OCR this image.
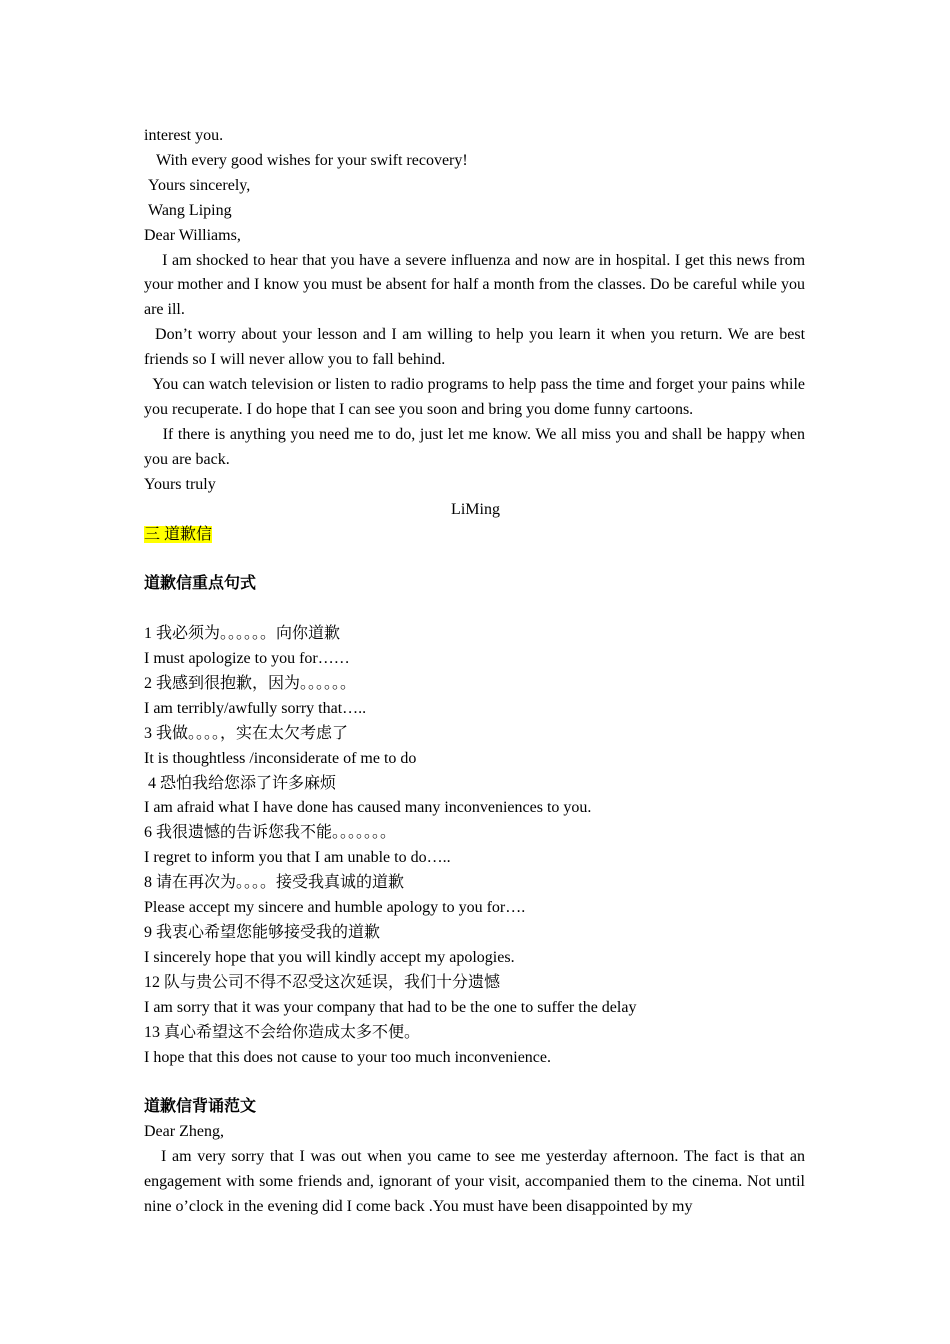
interest you.
With every good wishes for your swift recovery!
Yours sincerely,
Wang Liping
Dear Williams,
I am shocked to hear that you have a severe influenza and now are in hospital. I get this news from your mother and I know you must be absent for half a month from the classes. Do be careful while you are ill.
Don’t worry about your lesson and I am willing to help you learn it when you return. We are best friends so I will never allow you to fall behind.
You can watch television or listen to radio programs to help pass the time and forget your pains while you recuperate. I do hope that I can see you soon and bring you dome funny cartoons.
If there is anything you need me to do, just let me know. We all miss you and shall be happy when you are back.
Yours truly
LiMing
三 道歉信
道歉信重点句式
1 我必须为。。。。。。向你道歉
I must apologize to you for……
2 我感到很抱歉，因为。。。。。。
I am terribly/awfully sorry that…..
3 我做。。。。，实在太欠考虑了
It is thoughtless /inconsiderate of me to do
4 恐怕我给您添了许多麻烦
I am afraid what I have done has caused many inconveniences to you.
6 我很遗憾的告诉您我不能。。。。。。。
I regret to inform you that I am unable to do…..
8 请在再次为。。。。接受我真诚的道歉
Please accept my sincere and humble apology to you for….
9 我衷心希望您能够接受我的道歉
I sincerely hope that you will kindly accept my apologies.
12 队与贵公司不得不忍受这次延误，我们十分遗憾
I am sorry that it was your company that had to be the one to suffer the delay
13 真心希望这不会给你造成太多不便。
I hope that this does not cause to your too much inconvenience.
道歉信背诵范文
Dear Zheng,
I am very sorry that I was out when you came to see me yesterday afternoon. The fact is that an engagement with some friends and, ignorant of your visit, accompanied them to the cinema. Not until nine o’clock in the evening did I come back .You must have been disappointed by my
